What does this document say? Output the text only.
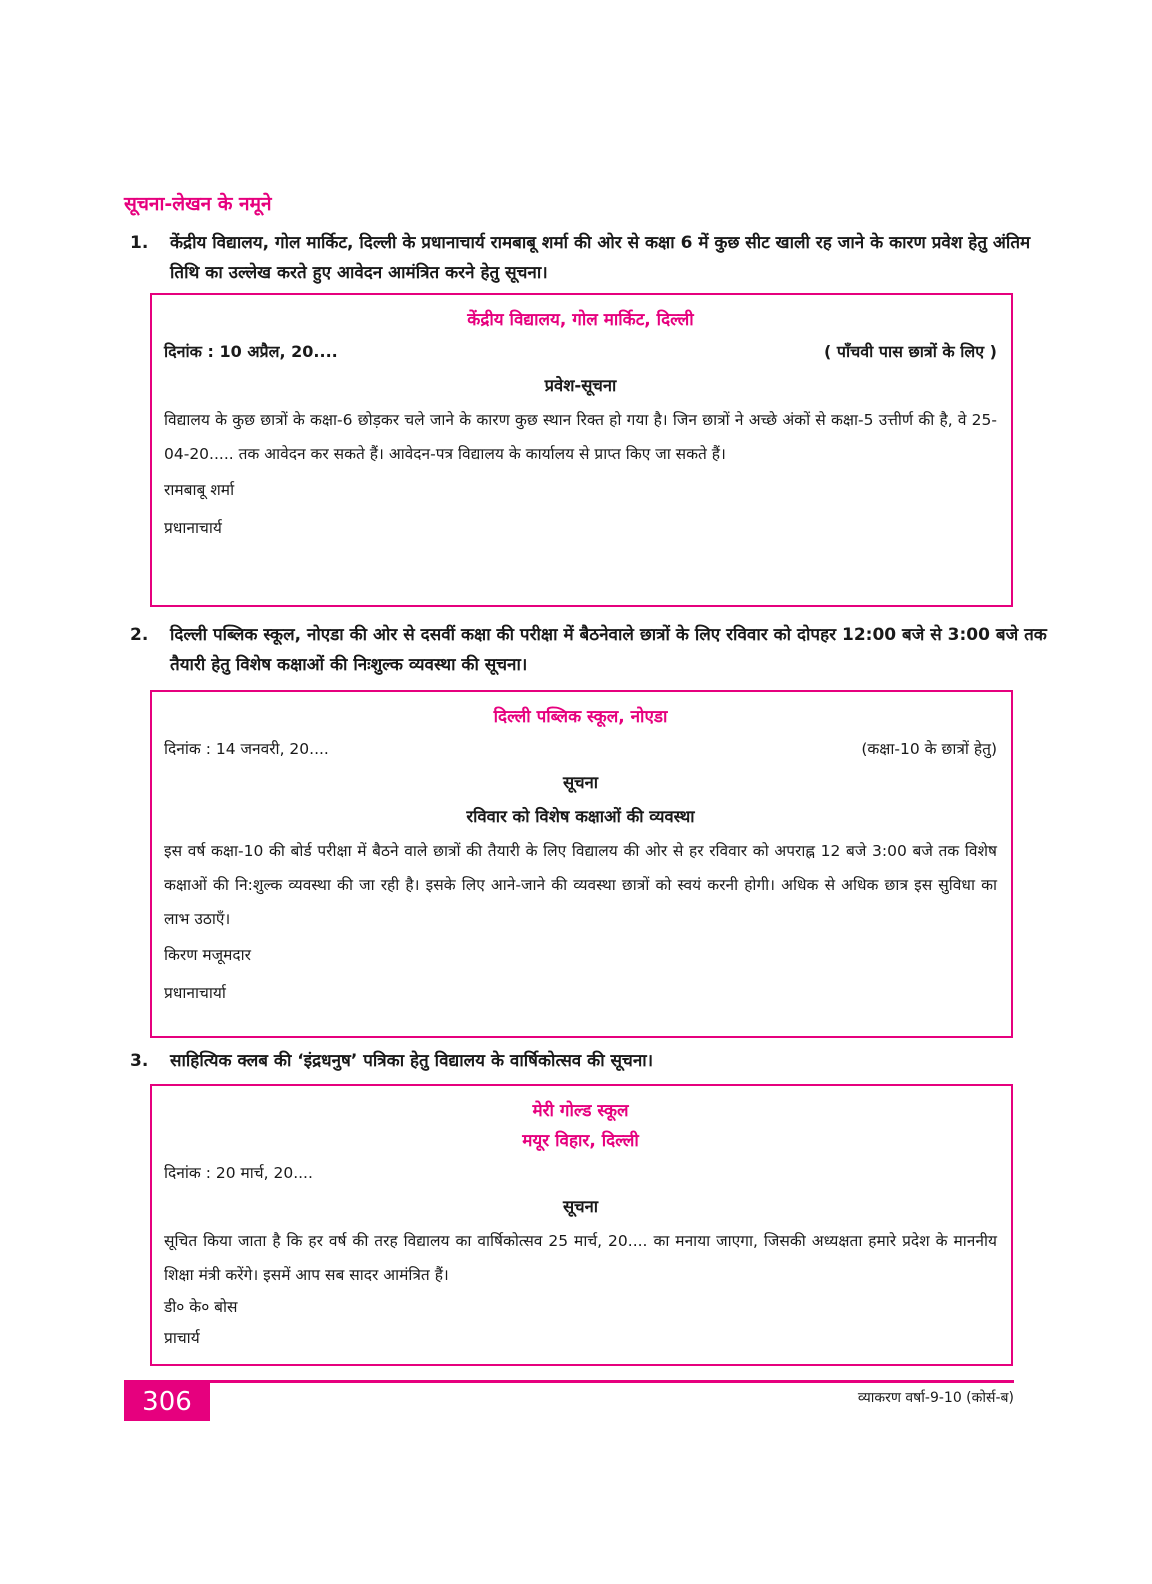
सूचना-लेखन के नमूने
1. केंद्रीय विद्यालय, गोल मार्किट, दिल्ली के प्रधानाचार्य रामबाबू शर्मा की ओर से कक्षा 6 में कुछ सीट खाली रह जाने के कारण प्रवेश हेतु अंतिम तिथि का उल्लेख करते हुए आवेदन आमंत्रित करने हेतु सूचना।
केंद्रीय विद्यालय, गोल मार्किट, दिल्ली
दिनांक : 10 अप्रैल, 20....	( पाँचवी पास छात्रों के लिए )
प्रवेश-सूचना
विद्यालय के कुछ छात्रों के कक्षा-6 छोड़कर चले जाने के कारण कुछ स्थान रिक्त हो गया है। जिन छात्रों ने अच्छे अंकों से कक्षा-5 उत्तीर्ण की है, वे 25-04-20..... तक आवेदन कर सकते हैं। आवेदन-पत्र विद्यालय के कार्यालय से प्राप्त किए जा सकते हैं।
रामबाबू शर्मा
प्रधानाचार्य
2. दिल्ली पब्लिक स्कूल, नोएडा की ओर से दसवीं कक्षा की परीक्षा में बैठनेवाले छात्रों के लिए रविवार को दोपहर 12:00 बजे से 3:00 बजे तक तैयारी हेतु विशेष कक्षाओं की निःशुल्क व्यवस्था की सूचना।
दिल्ली पब्लिक स्कूल, नोएडा
दिनांक : 14 जनवरी, 20....	(कक्षा-10 के छात्रों हेतु)
सूचना
रविवार को विशेष कक्षाओं की व्यवस्था
इस वर्ष कक्षा-10 की बोर्ड परीक्षा में बैठने वाले छात्रों की तैयारी के लिए विद्यालय की ओर से हर रविवार को अपराह्न 12 बजे 3:00 बजे तक विशेष कक्षाओं की नि:शुल्क व्यवस्था की जा रही है। इसके लिए आने-जाने की व्यवस्था छात्रों को स्वयं करनी होगी। अधिक से अधिक छात्र इस सुविधा का लाभ उठाएँ।
किरण मजूमदार
प्रधानाचार्या
3. साहित्यिक क्लब की ‘इंद्रधनुष’ पत्रिका हेतु विद्यालय के वार्षिकोत्सव की सूचना।
मेरी गोल्ड स्कूल
मयूर विहार, दिल्ली
दिनांक : 20 मार्च, 20....
सूचना
सूचित किया जाता है कि हर वर्ष की तरह विद्यालय का वार्षिकोत्सव 25 मार्च, 20.... का मनाया जाएगा, जिसकी अध्यक्षता हमारे प्रदेश के माननीय शिक्षा मंत्री करेंगे। इसमें आप सब सादर आमंत्रित हैं।
डी० के० बोस
प्राचार्य
306	व्याकरण वर्षा-9-10 (कोर्स-ब)
